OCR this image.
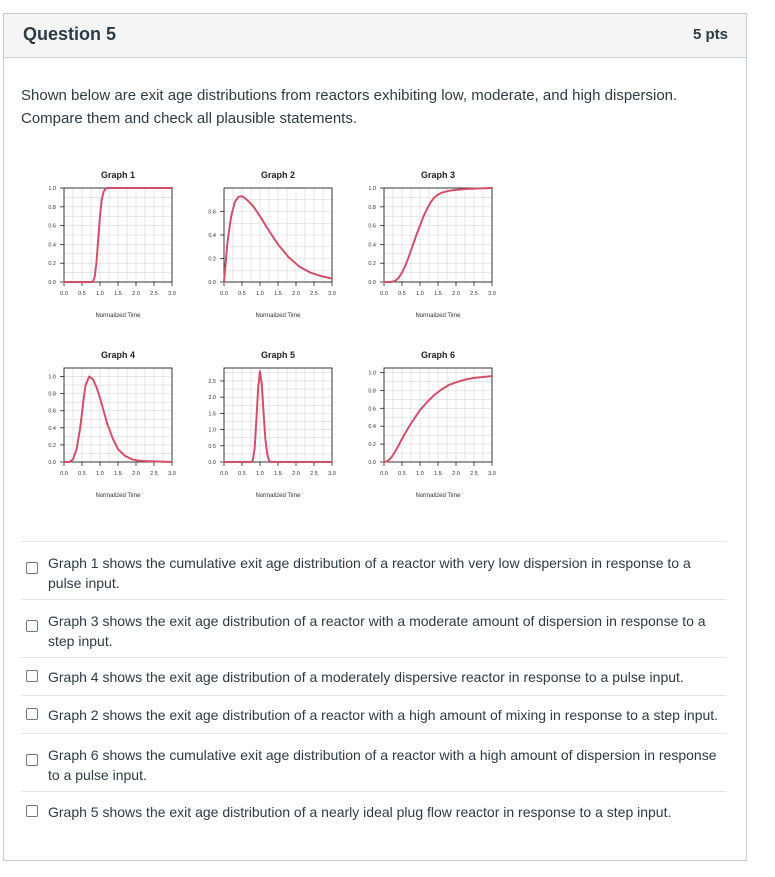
Question 5	5 pts
Shown below are exit age distributions from reactors exhibiting low, moderate, and high dispersion. Compare them and check all plausible statements.
Graph 1
0.0
0.2
0.4
0.6
0.8
1.0
0.0 0.5 1.0 1.5 2.0 2.5 3.0
Normalized Time
Graph 2
0.0
0.2
0.4
0.6
0.0 0.5 1.0 1.5 2.0 2.5 3.0
Normalized Time
Graph 3
0.0
0.2
0.4
0.6
0.8
1.0
0.0 0.5 1.0 1.5 2.0 2.5 3.0
Normalized Time
Graph 4
0.0
0.2
0.4
0.6
0.8
1.0
0.0 0.5 1.0 1.5 2.0 2.5 3.0
Normalized Time
Graph 5
0.0
0.5
1.0
1.5
2.0
2.5
0.0 0.5 1.0 1.5 2.0 2.5 3.0
Normalized Time
Graph 6
0.0
0.2
0.4
0.6
0.8
1.0
0.0 0.5 1.0 1.5 2.0 2.5 3.0
Normalized Time
Graph 1 shows the cumulative exit age distribution of a reactor with very low dispersion in response to a pulse input.
Graph 3 shows the exit age distribution of a reactor with a moderate amount of dispersion in response to a step input.
Graph 4 shows the exit age distribution of a moderately dispersive reactor in response to a pulse input.
Graph 2 shows the exit age distribution of a reactor with a high amount of mixing in response to a step input.
Graph 6 shows the cumulative exit age distribution of a reactor with a high amount of dispersion in response to a pulse input.
Graph 5 shows the exit age distribution of a nearly ideal plug flow reactor in response to a step input.
